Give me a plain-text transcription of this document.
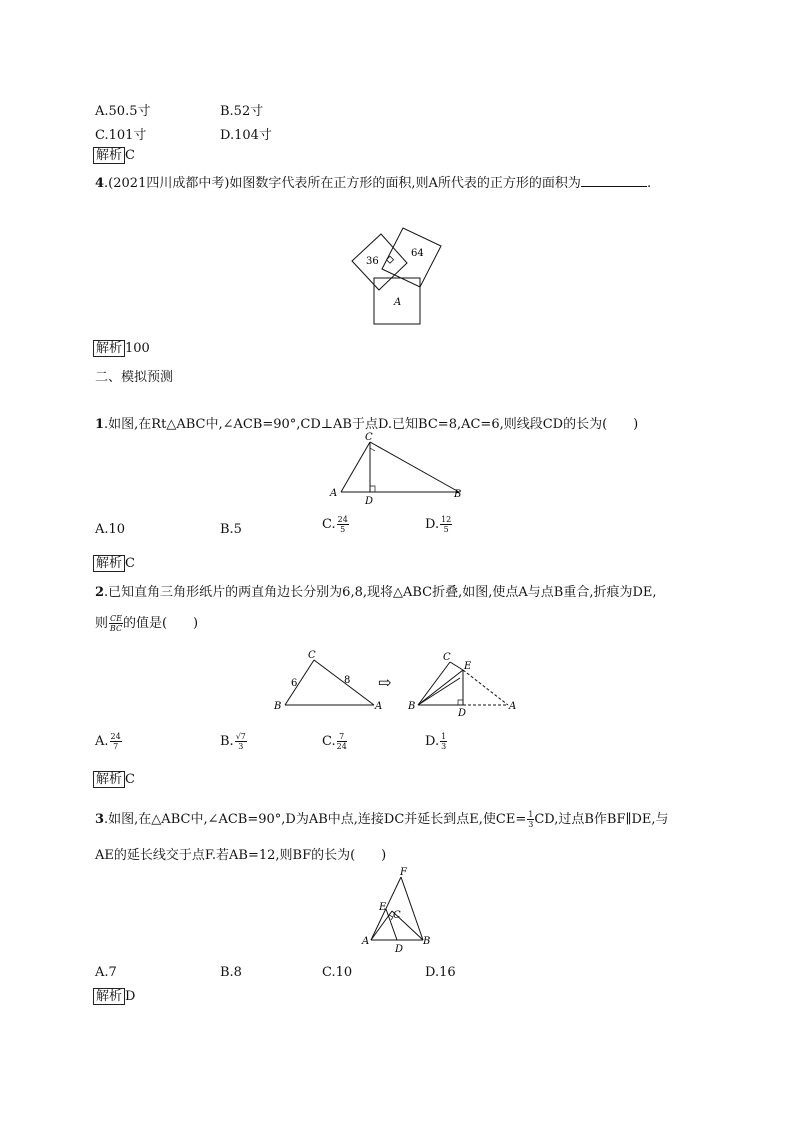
A.50.5寸	B.52寸
C.101寸	D.104寸
解析 C
4.(2021四川成都中考)如图数字代表所在正方形的面积,则A所代表的正方形的面积为	.
36
64
A
解析 100
二、模拟预测
1.如图,在Rt△ABC中,∠ACB=90°,CD⊥AB于点D.已知BC=8,AC=6,则线段CD的长为(　　)
C
A
D
B
A.10	B.5	C. $\frac{24}{5}$	D. $\frac{12}{5}$
解析 C
2.已知直角三角形纸片的两直角边长分别为6,8,现将△ABC折叠,如图,使点A与点B重合,折痕为DE,
则 $\frac{CE}{BC}$ 的值是(　　)
C
B	A
6	8 ⇨
C
E
B
D
A
A. $\frac{24}{7}$	B. $\frac{√7}{3}$	C. $\frac{7}{24}$	D. $\frac{1}{3}$
解析 C
3.如图,在△ABC中,∠ACB=90°,D为AB中点,连接DC并延长到点E,使$CE= \frac{1}{3}$ CD,过点B作BF∥DE,与
AE的延长线交于点F.若AB=12,则BF的长为(　　)
F
E
C
A
D
B
A.7	B.8	C.10	D.16
解析 D
